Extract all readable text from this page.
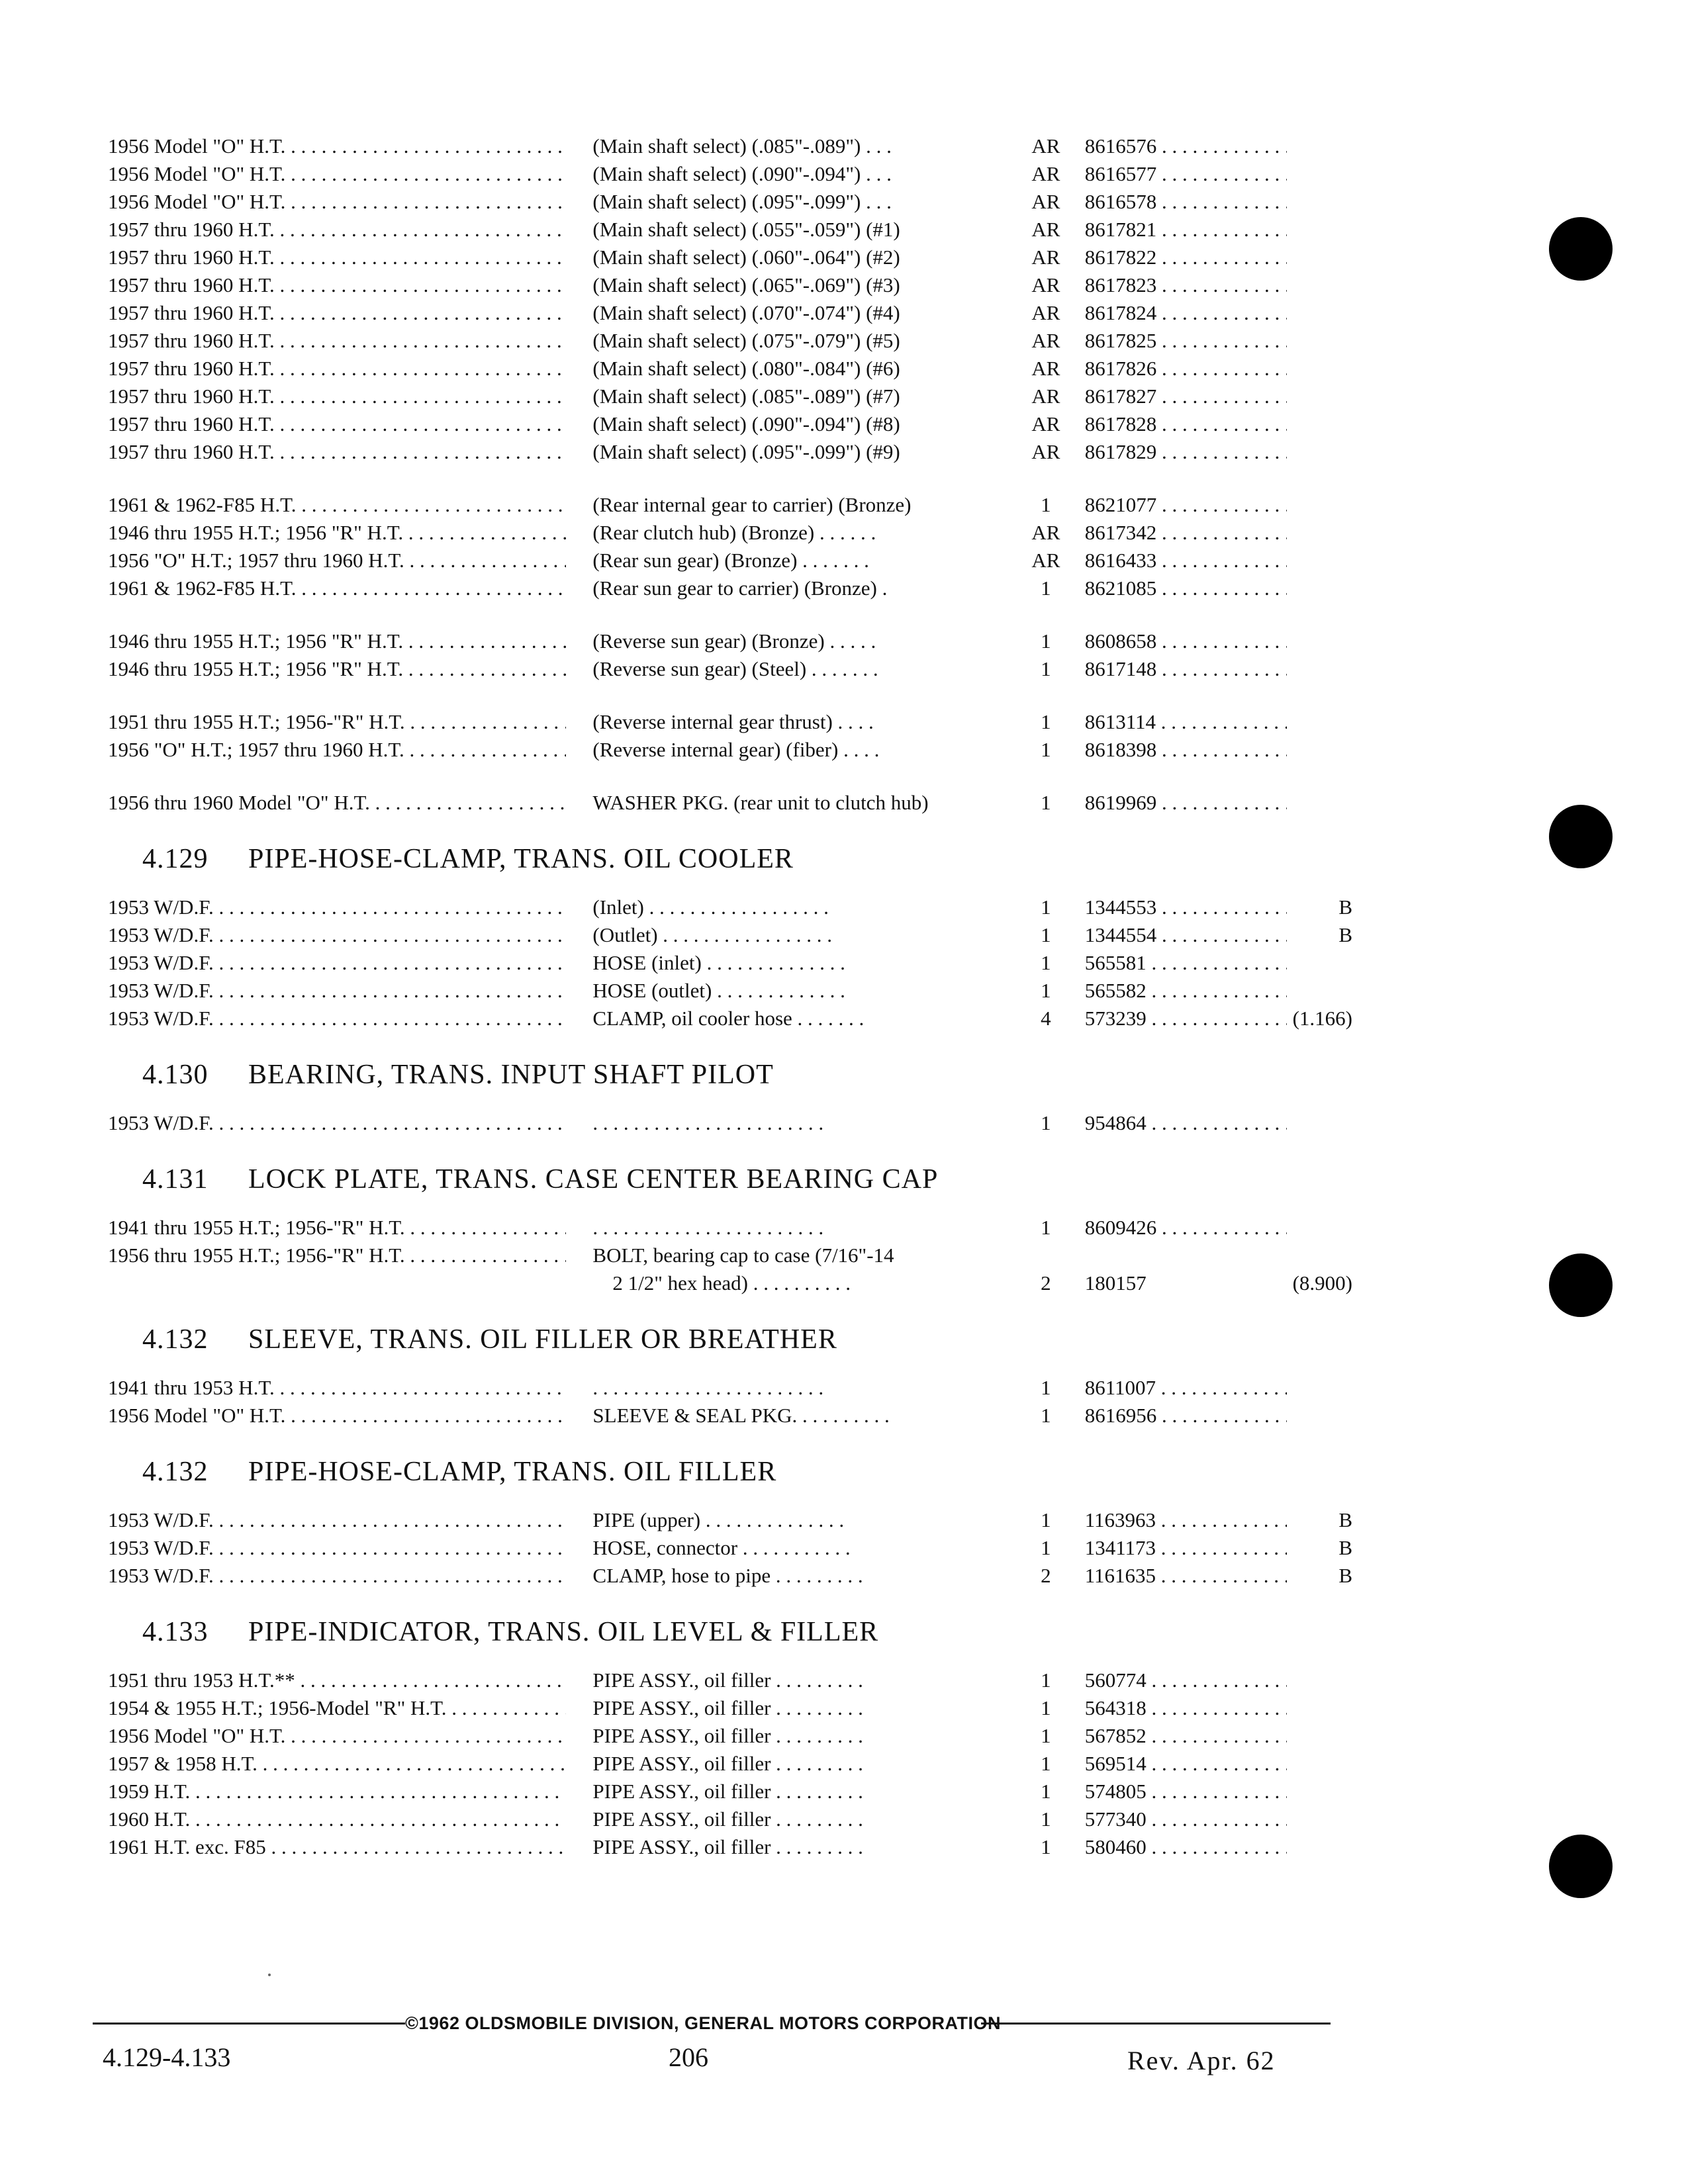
1956 Model "O" H.T. . . .	(Main shaft select) (.085"-.089") . . .	AR	8616576 . . .
1956 Model "O" H.T. . . .	(Main shaft select) (.090"-.094") . . .	AR	8616577 . . .
1956 Model "O" H.T. . . .	(Main shaft select) (.095"-.099") . . .	AR	8616578 . . .
1957 thru 1960 H.T. . . .	(Main shaft select) (.055"-.059") (#1)	AR	8617821 . . .
1957 thru 1960 H.T. . . .	(Main shaft select) (.060"-.064") (#2)	AR	8617822 . . .
1957 thru 1960 H.T. . . .	(Main shaft select) (.065"-.069") (#3)	AR	8617823 . . .
1957 thru 1960 H.T. . . .	(Main shaft select) (.070"-.074") (#4)	AR	8617824 . . .
1957 thru 1960 H.T. . . .	(Main shaft select) (.075"-.079") (#5)	AR	8617825 . . .
1957 thru 1960 H.T. . . .	(Main shaft select) (.080"-.084") (#6)	AR	8617826 . . .
1957 thru 1960 H.T. . . .	(Main shaft select) (.085"-.089") (#7)	AR	8617827 . . .
1957 thru 1960 H.T. . . .	(Main shaft select) (.090"-.094") (#8)	AR	8617828 . . .
1957 thru 1960 H.T. . . .	(Main shaft select) (.095"-.099") (#9)	AR	8617829 . . .
1961 & 1962-F85 H.T. . . .	(Rear internal gear to carrier) (Bronze)	1	8621077 . . .
1946 thru 1955 H.T.; 1956 "R" H.T. . . .	(Rear clutch hub) (Bronze) . . . . . .	AR	8617342 . . .
1956 "O" H.T.; 1957 thru 1960 H.T. . . .	(Rear sun gear) (Bronze) . . . . . . .	AR	8616433 . . .
1961 & 1962-F85 H.T. . . .	(Rear sun gear to carrier) (Bronze) .	1	8621085 . . .
1946 thru 1955 H.T.; 1956 "R" H.T. . . .	(Reverse sun gear) (Bronze) . . . . .	1	8608658 . . .
1946 thru 1955 H.T.; 1956 "R" H.T. . . .	(Reverse sun gear) (Steel) . . . . . . .	1	8617148 . . .
1951 thru 1955 H.T.; 1956-"R" H.T. . . .	(Reverse internal gear thrust) . . . .	1	8613114 . . .
1956 "O" H.T.; 1957 thru 1960 H.T. . . .	(Reverse internal gear) (fiber) . . . .	1	8618398 . . .
1956 thru 1960 Model "O" H.T. . . .	WASHER PKG. (rear unit to clutch hub)	1	8619969 . . .
4.129 PIPE-HOSE-CLAMP, TRANS. OIL COOLER
1953 W/D.F. . . .	(Inlet) . . . . . . . . . . . . . . . . . .	1	1344553 . . .	B
1953 W/D.F. . . .	(Outlet) . . . . . . . . . . . . . . . . .	1	1344554 . . .	B
1953 W/D.F. . . .	HOSE (inlet) . . . . . . . . . . . . . .	1	565581 . . .
1953 W/D.F. . . .	HOSE (outlet) . . . . . . . . . . . . .	1	565582 . . .
1953 W/D.F. . . .	CLAMP, oil cooler hose . . . . . . .	4	573239 . . .	(1.166)
4.130 BEARING, TRANS. INPUT SHAFT PILOT
1953 W/D.F. . . .	. . . . . . . . . . . . . . . . . . . . . . .	1	954864 . . .
4.131 LOCK PLATE, TRANS. CASE CENTER BEARING CAP
1941 thru 1955 H.T.; 1956-"R" H.T. . . . . .	. . . . . . . . . . . . . . . . . . . . . . .	1	8609426 . . .
1956 thru 1955 H.T.; 1956-"R" H.T. . . . . .	BOLT, bearing cap to case (7/16"-14
2 1/2" hex head) . . . . . . . . . .	2	180157	(8.900)
4.132 SLEEVE, TRANS. OIL FILLER OR BREATHER
1941 thru 1953 H.T. . . .	. . . . . . . . . . . . . . . . . . . . . . .	1	8611007 . . .
1956 Model "O" H.T. . . .	SLEEVE & SEAL PKG. . . . . . . . . .	1	8616956 . . .
4.132 PIPE-HOSE-CLAMP, TRANS. OIL FILLER
1953 W/D.F. . . .	PIPE (upper) . . . . . . . . . . . . . .	1	1163963 . . .	B
1953 W/D.F. . . .	HOSE, connector . . . . . . . . . . .	1	1341173 . . .	B
1953 W/D.F. . . .	CLAMP, hose to pipe . . . . . . . . .	2	1161635 . . .	B
4.133 PIPE-INDICATOR, TRANS. OIL LEVEL & FILLER
1951 thru 1953 H.T.** . . .	PIPE ASSY., oil filler . . . . . . . . .	1	560774 . . .
1954 & 1955 H.T.; 1956-Model "R" H.T. . . .	PIPE ASSY., oil filler . . . . . . . . .	1	564318 . . .
1956 Model "O" H.T. . . .	PIPE ASSY., oil filler . . . . . . . . .	1	567852 . . .
1957 & 1958 H.T. . . .	PIPE ASSY., oil filler . . . . . . . . .	1	569514 . . .
1959 H.T. . . .	PIPE ASSY., oil filler . . . . . . . . .	1	574805 . . .
1960 H.T. . . .	PIPE ASSY., oil filler . . . . . . . . .	1	577340 . . .
1961 H.T. exc. F85 . . .	PIPE ASSY., oil filler . . . . . . . . .	1	580460 . . .
©1962 OLDSMOBILE DIVISION, GENERAL MOTORS CORPORATION
4.129-4.133	206	Rev. Apr. 62
